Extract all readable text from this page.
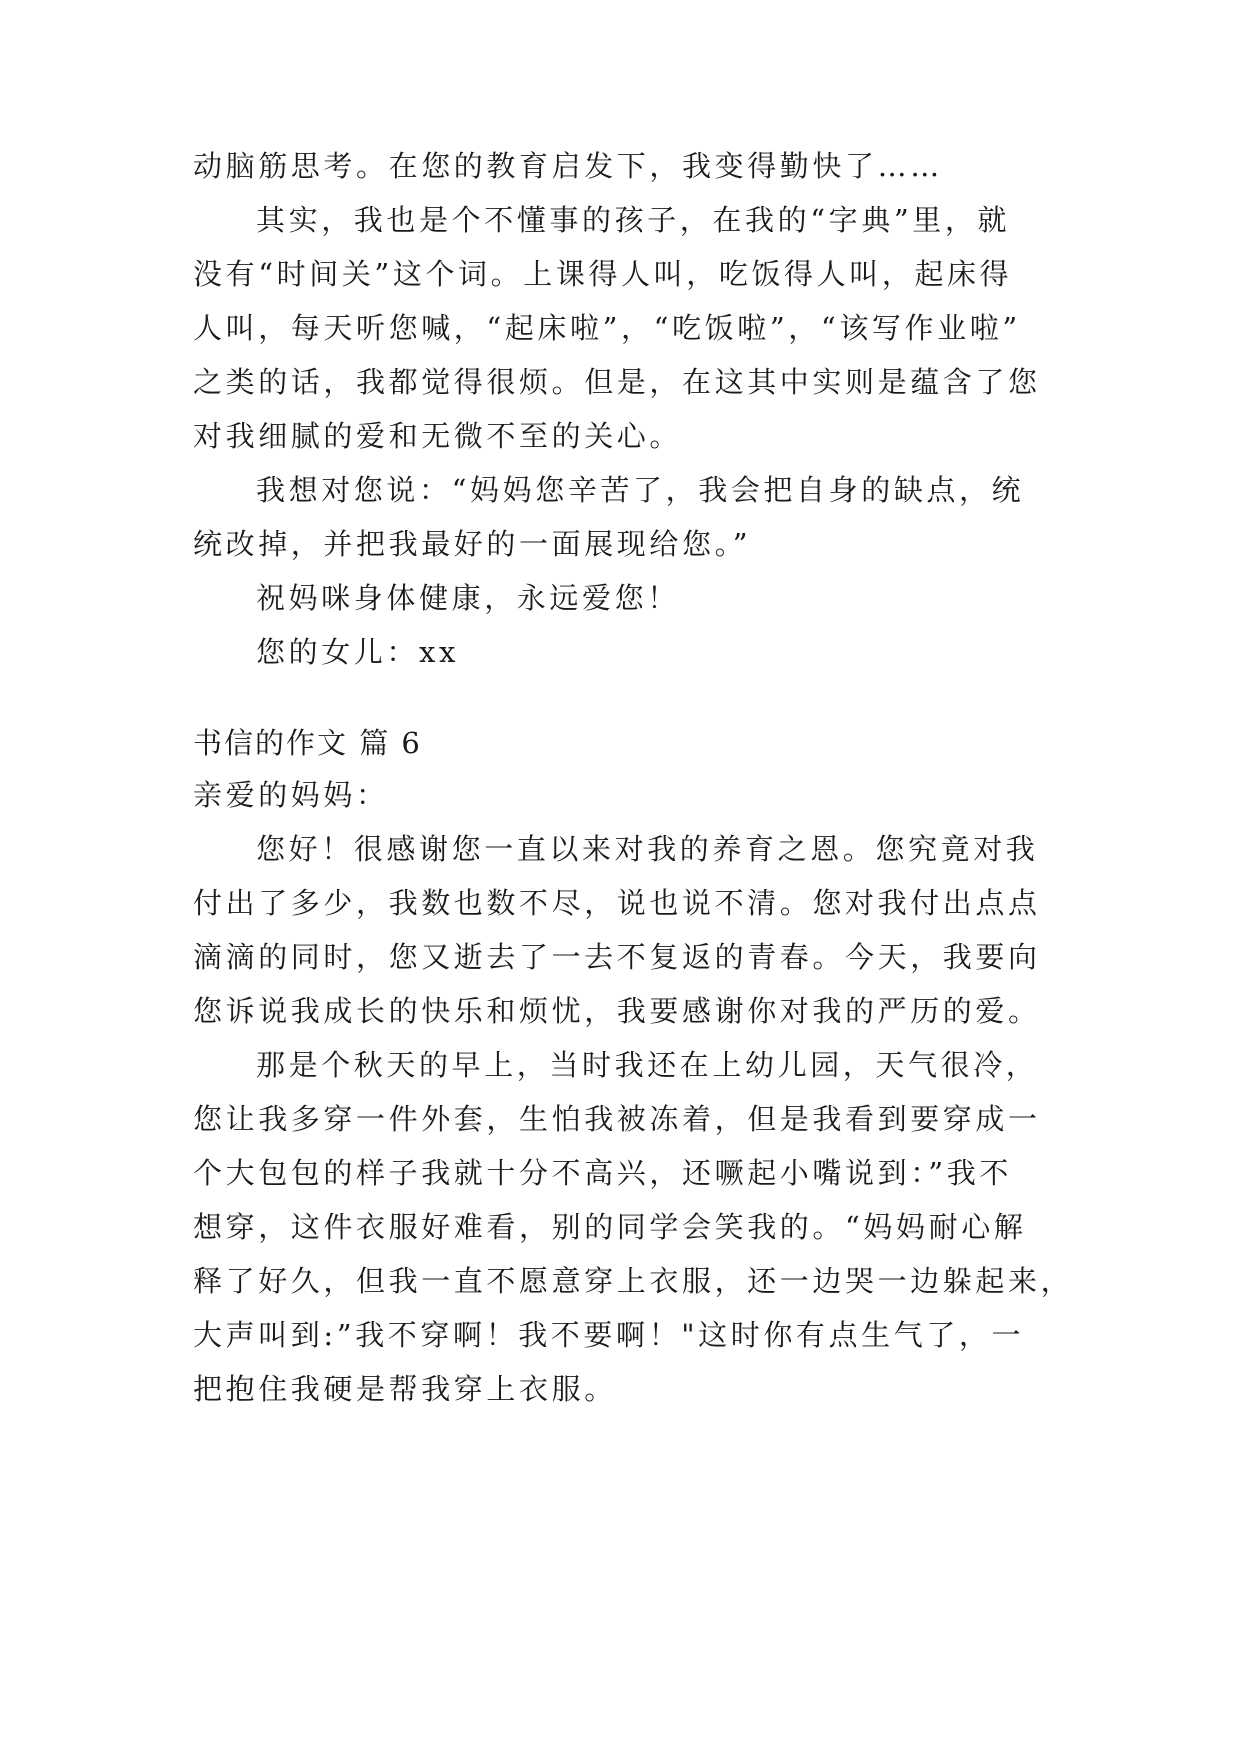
动脑筋思考。在您的教育启发下，我变得勤快了……
其实，我也是个不懂事的孩子，在我的“字典”里，就
没有“时间关”这个词。上课得人叫，吃饭得人叫，起床得
人叫，每天听您喊，“起床啦”，“吃饭啦”，“该写作业啦”
之类的话，我都觉得很烦。但是，在这其中实则是蕴含了您
对我细腻的爱和无微不至的关心。
我想对您说：“妈妈您辛苦了，我会把自身的缺点，统
统改掉，并把我最好的一面展现给您。”
祝妈咪身体健康，永远爱您！
您的女儿：xx
书信的作文 篇 6
亲爱的妈妈：
您好！很感谢您一直以来对我的养育之恩。您究竟对我
付出了多少，我数也数不尽，说也说不清。您对我付出点点
滴滴的同时，您又逝去了一去不复返的青春。今天，我要向
您诉说我成长的快乐和烦忧，我要感谢你对我的严历的爱。
那是个秋天的早上，当时我还在上幼儿园，天气很冷，
您让我多穿一件外套，生怕我被冻着，但是我看到要穿成一
个大包包的样子我就十分不高兴，还噘起小嘴说到：”我不
想穿，这件衣服好难看，别的同学会笑我的。“妈妈耐心解
释了好久，但我一直不愿意穿上衣服，还一边哭一边躲起来，
大声叫到:”我不穿啊！我不要啊！"这时你有点生气了，一
把抱住我硬是帮我穿上衣服。
